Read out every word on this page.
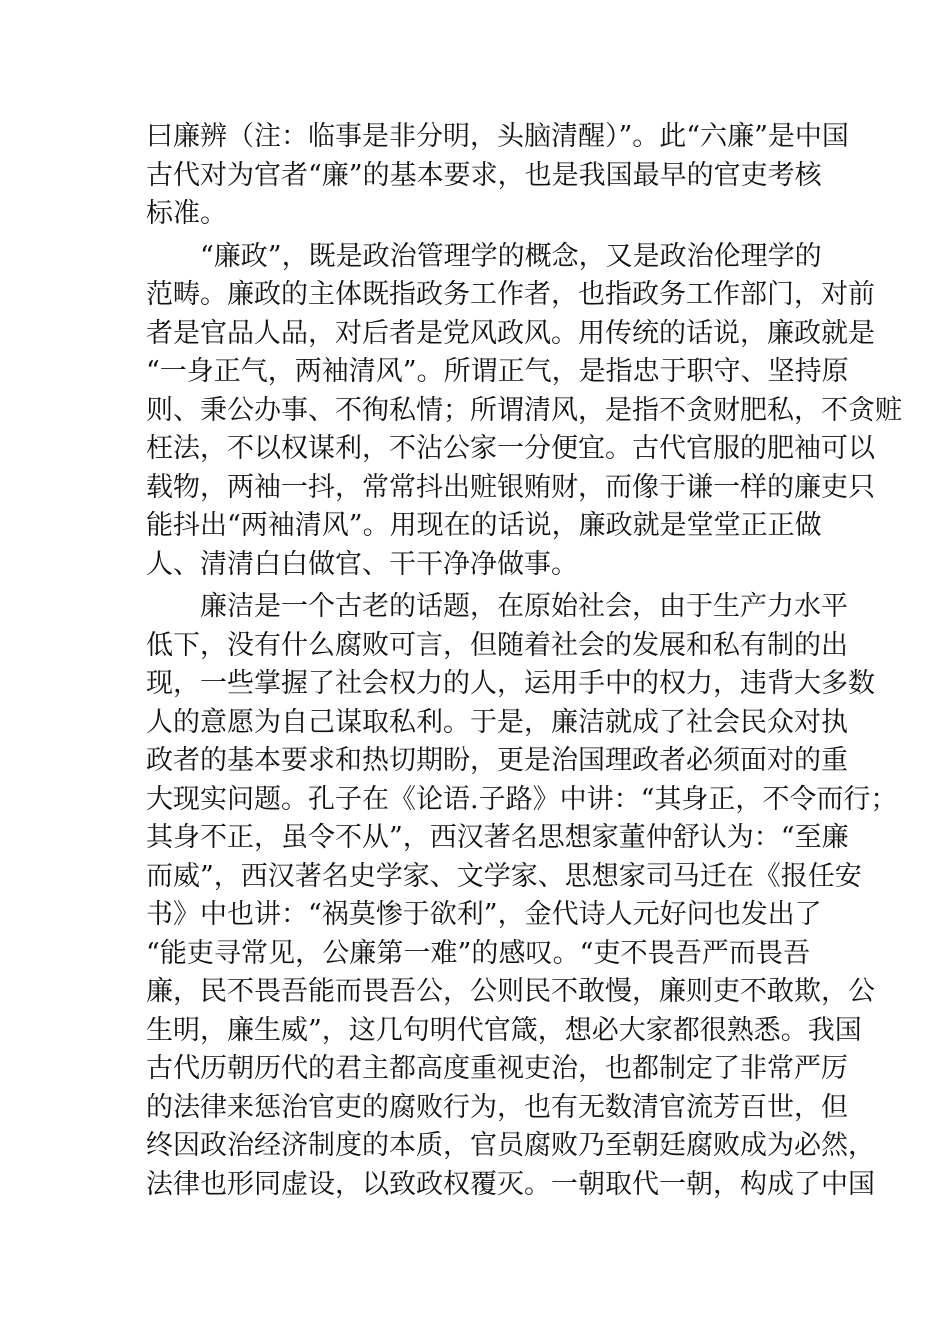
曰廉辨（注：临事是非分明，头脑清醒）”。此“六廉”是中国
古代对为官者“廉”的基本要求，也是我国最早的官吏考核
标准。
“廉政”，既是政治管理学的概念，又是政治伦理学的
范畴。廉政的主体既指政务工作者，也指政务工作部门，对前
者是官品人品，对后者是党风政风。用传统的话说，廉政就是
“一身正气，两袖清风”。所谓正气，是指忠于职守、坚持原
则、秉公办事、不徇私情；所谓清风，是指不贪财肥私，不贪赃
枉法，不以权谋利，不沾公家一分便宜。古代官服的肥袖可以
载物，两袖一抖，常常抖出赃银贿财，而像于谦一样的廉吏只
能抖出“两袖清风”。用现在的话说，廉政就是堂堂正正做
人、清清白白做官、干干净净做事。
廉洁是一个古老的话题，在原始社会，由于生产力水平
低下，没有什么腐败可言，但随着社会的发展和私有制的出
现，一些掌握了社会权力的人，运用手中的权力，违背大多数
人的意愿为自己谋取私利。于是，廉洁就成了社会民众对执
政者的基本要求和热切期盼，更是治国理政者必须面对的重
大现实问题。孔子在《论语.子路》中讲：“其身正，不令而行；
其身不正，虽令不从”，西汉著名思想家董仲舒认为：“至廉
而威”，西汉著名史学家、文学家、思想家司马迁在《报任安
书》中也讲：“祸莫惨于欲利”，金代诗人元好问也发出了
“能吏寻常见，公廉第一难”的感叹。“吏不畏吾严而畏吾
廉，民不畏吾能而畏吾公，公则民不敢慢，廉则吏不敢欺，公
生明，廉生威”，这几句明代官箴，想必大家都很熟悉。我国
古代历朝历代的君主都高度重视吏治，也都制定了非常严厉
的法律来惩治官吏的腐败行为，也有无数清官流芳百世，但
终因政治经济制度的本质，官员腐败乃至朝廷腐败成为必然，
法律也形同虚设，以致政权覆灭。一朝取代一朝，构成了中国
